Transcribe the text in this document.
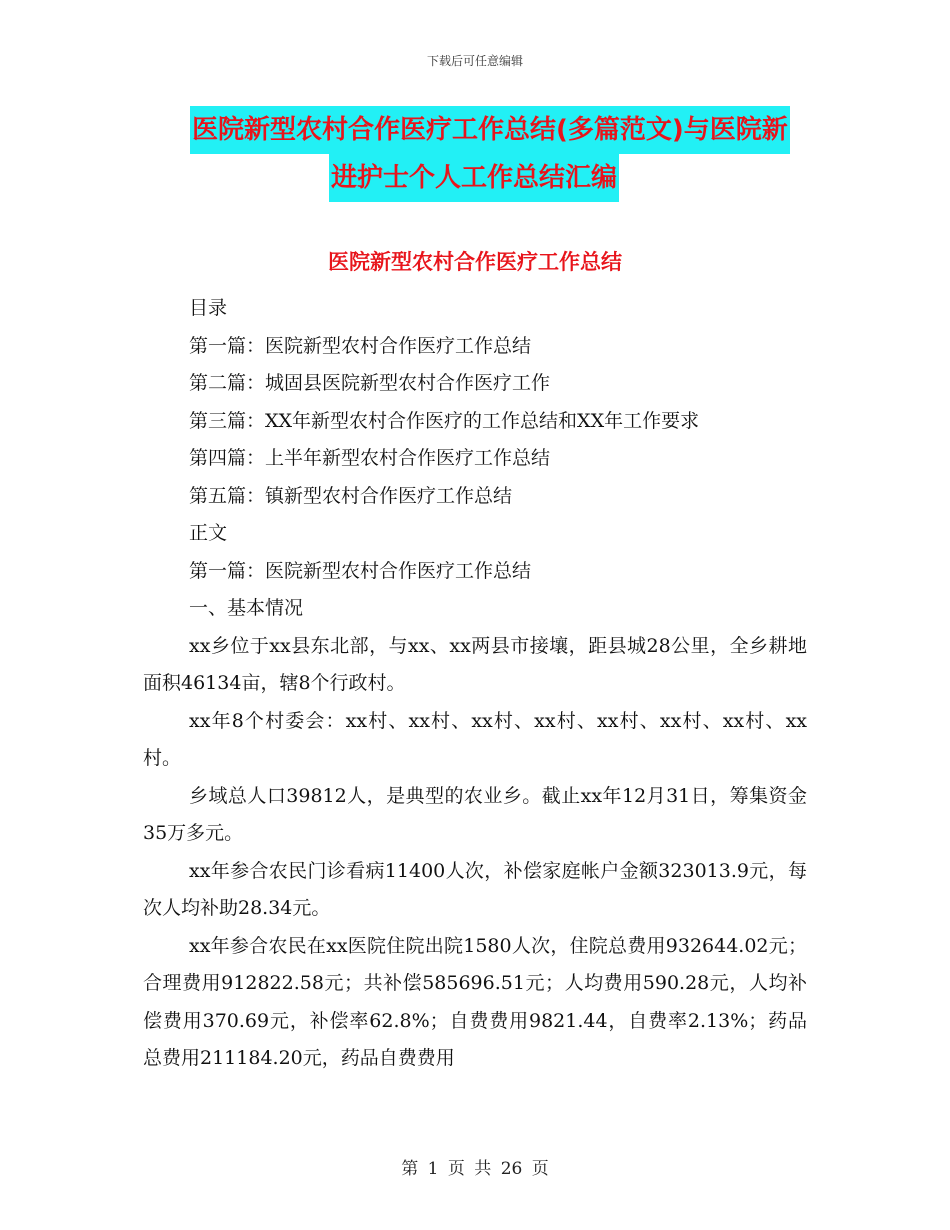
下载后可任意编辑
医院新型农村合作医疗工作总结(多篇范文)与医院新
进护士个人工作总结汇编
医院新型农村合作医疗工作总结

目录

第一篇：医院新型农村合作医疗工作总结

第二篇：城固县医院新型农村合作医疗工作

第三篇：XX年新型农村合作医疗的工作总结和XX年工作要求

第四篇：上半年新型农村合作医疗工作总结

第五篇：镇新型农村合作医疗工作总结

正文

第一篇：医院新型农村合作医疗工作总结

一、基本情况

xx乡位于xx县东北部，与xx、xx两县市接壤，距县城28公里，全乡耕地面积46134亩，辖8个行政村。

xx年8个村委会：xx村、xx村、xx村、xx村、xx村、xx村、xx村、xx村。

乡域总人口39812人，是典型的农业乡。截止xx年12月31日，筹集资金35万多元。

xx年参合农民门诊看病11400人次，补偿家庭帐户金额323013.9元，每次人均补助28.34元。

xx年参合农民在xx医院住院出院1580人次，住院总费用932644.02元；合理费用912822.58元；共补偿585696.51元；人均费用590.28元，人均补偿费用370.69元，补偿率62.8%；自费费用9821.44，自费率2.13%；药品总费用211184.20元，药品自费费用

第 1 页 共 26 页
